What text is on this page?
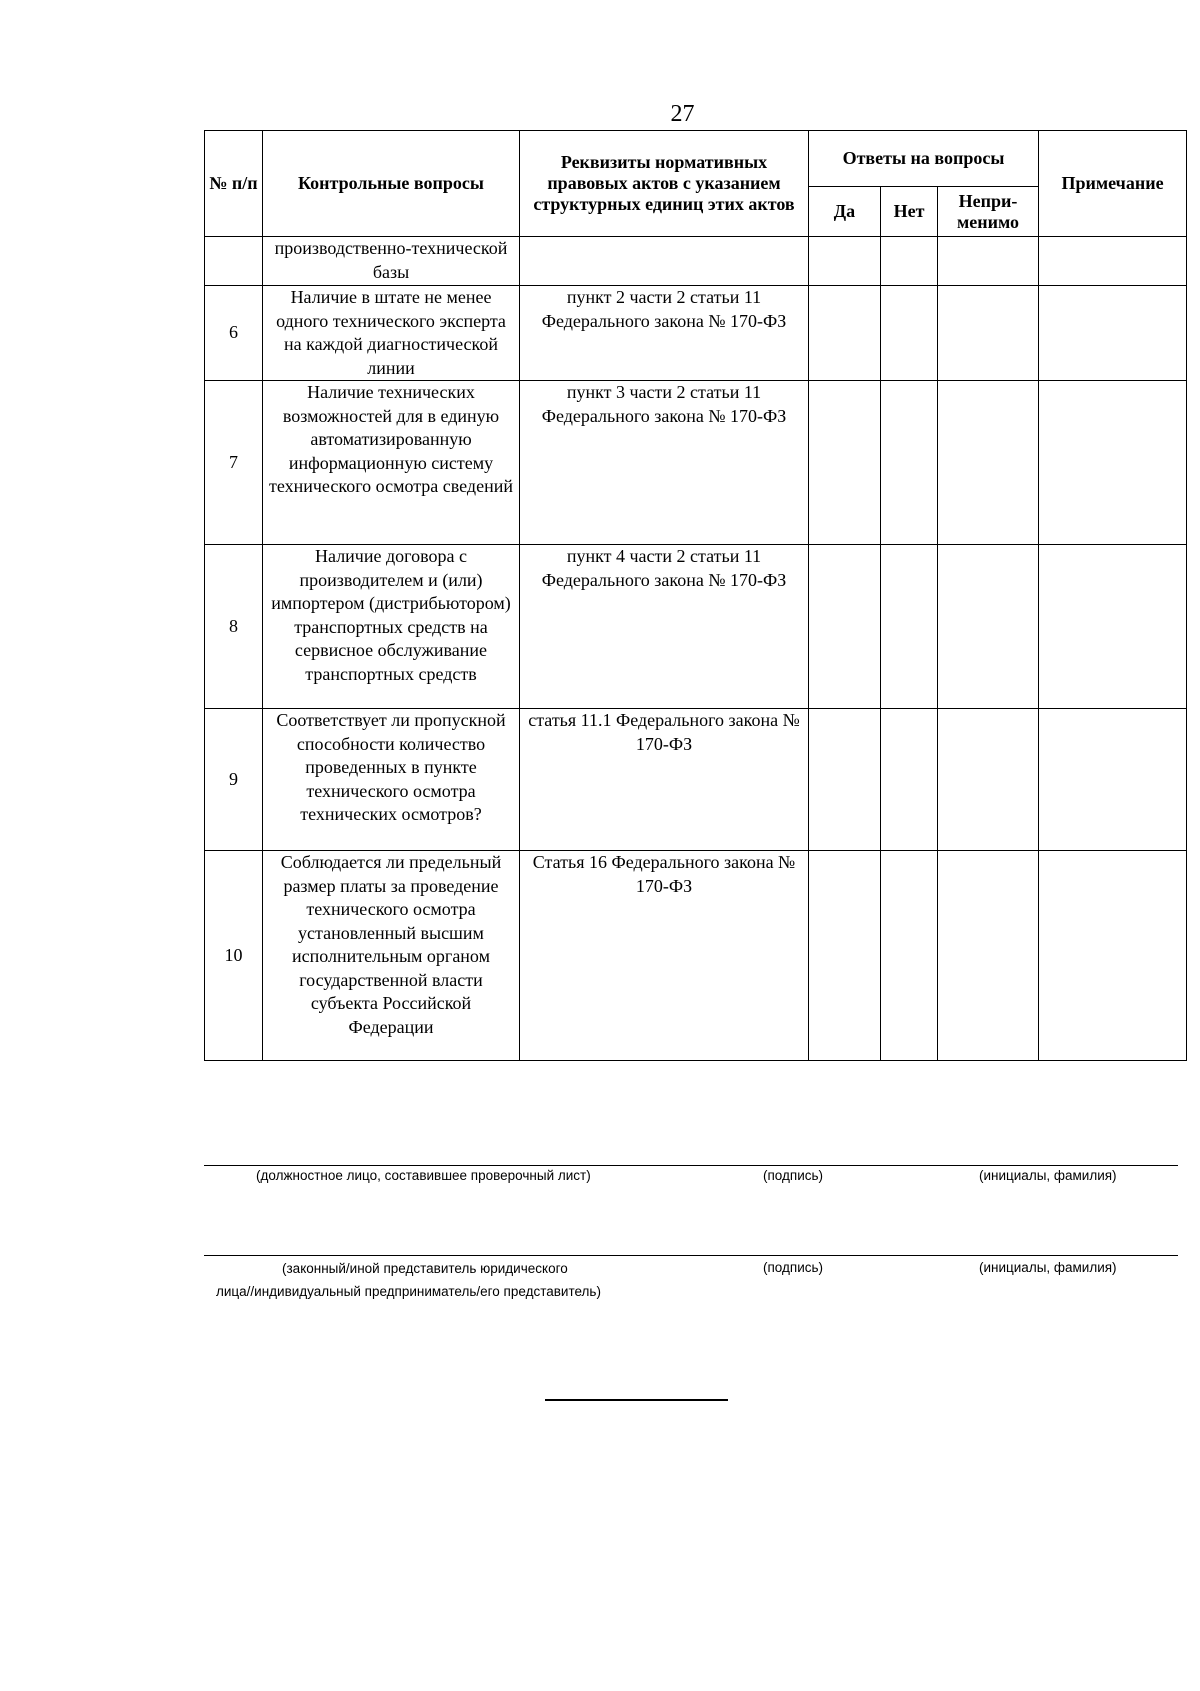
27
№ п/п	Контрольные вопросы	Реквизиты нормативных правовых актов с указанием структурных единиц этих актов	Ответы на вопросы			Примечание
			Да	Нет	Непри-менимо	
	производственно-технической базы					
6	Наличие в штате не менее одного технического эксперта на каждой диагностической линии	пункт 2 части 2 статьи 11 Федерального закона № 170-ФЗ				
7	Наличие технических возможностей для в единую автоматизированную информационную систему технического осмотра сведений	пункт 3 части 2 статьи 11 Федерального закона № 170-ФЗ				
8	Наличие договора с производителем и (или) импортером (дистрибьютором) транспортных средств на сервисное обслуживание транспортных средств	пункт 4 части 2 статьи 11 Федерального закона № 170-ФЗ				
9	Соответствует ли пропускной способности количество проведенных в пункте технического осмотра технических осмотров?	статья 11.1 Федерального закона № 170-ФЗ				
10	Соблюдается ли предельный размер платы за проведение технического осмотра установленный высшим исполнительным органом государственной власти субъекта Российской Федерации	Статья 16 Федерального закона № 170-ФЗ				
(должностное лицо, составившее проверочный лист)	(подпись)	(инициалы, фамилия)
(законный/иной представитель юридического
лица//индивидуальный предприниматель/его представитель)
(подпись)	(инициалы, фамилия)
